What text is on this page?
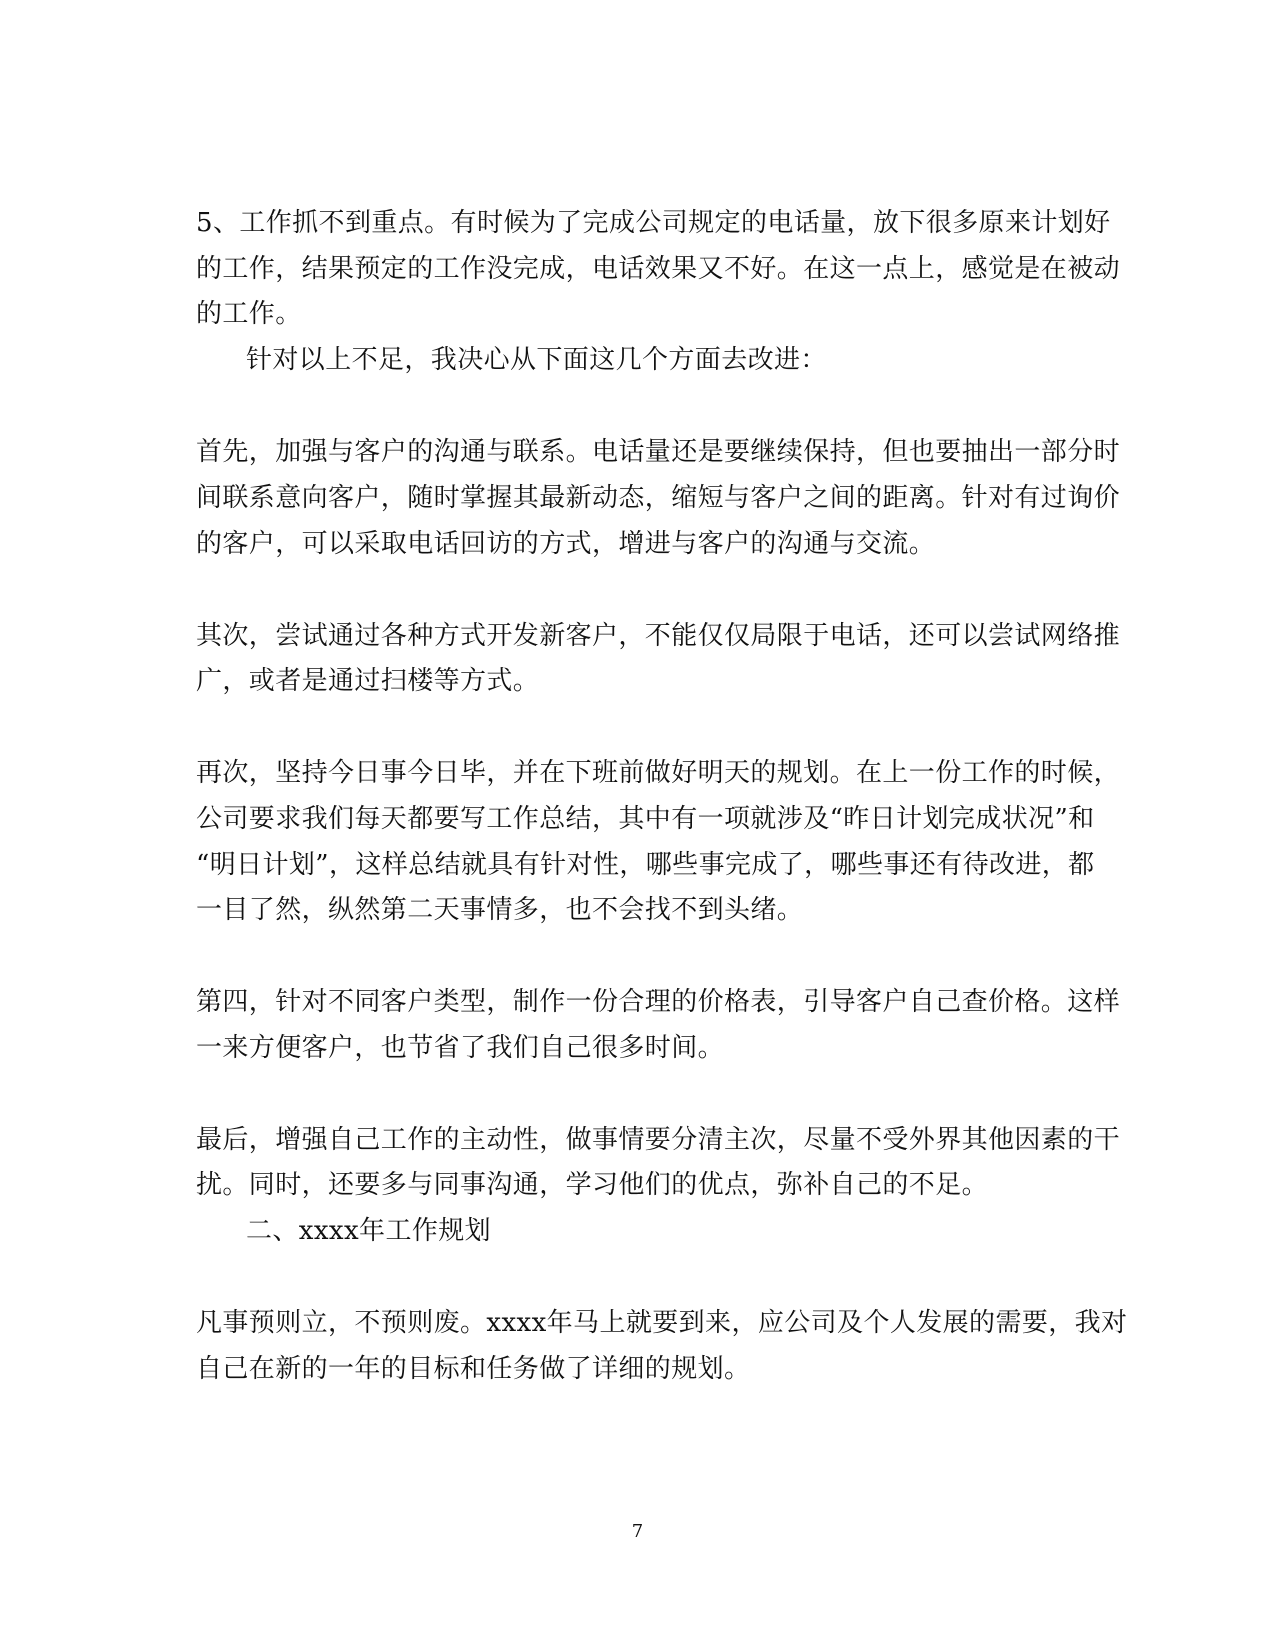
5、工作抓不到重点。有时候为了完成公司规定的电话量，放下很多原来计划好
的工作，结果预定的工作没完成，电话效果又不好。在这一点上，感觉是在被动
的工作。
针对以上不足，我决心从下面这几个方面去改进：
首先，加强与客户的沟通与联系。电话量还是要继续保持，但也要抽出一部分时
间联系意向客户，随时掌握其最新动态，缩短与客户之间的距离。针对有过询价
的客户，可以采取电话回访的方式，增进与客户的沟通与交流。
其次，尝试通过各种方式开发新客户，不能仅仅局限于电话，还可以尝试网络推
广，或者是通过扫楼等方式。
再次，坚持今日事今日毕，并在下班前做好明天的规划。在上一份工作的时候，
公司要求我们每天都要写工作总结，其中有一项就涉及“昨日计划完成状况”和
“明日计划”，这样总结就具有针对性，哪些事完成了，哪些事还有待改进，都
一目了然，纵然第二天事情多，也不会找不到头绪。
第四，针对不同客户类型，制作一份合理的价格表，引导客户自己查价格。这样
一来方便客户，也节省了我们自己很多时间。
最后，增强自己工作的主动性，做事情要分清主次，尽量不受外界其他因素的干
扰。同时，还要多与同事沟通，学习他们的优点，弥补自己的不足。
二、xxxx年工作规划
凡事预则立，不预则废。xxxx年马上就要到来，应公司及个人发展的需要，我对
自己在新的一年的目标和任务做了详细的规划。
7
